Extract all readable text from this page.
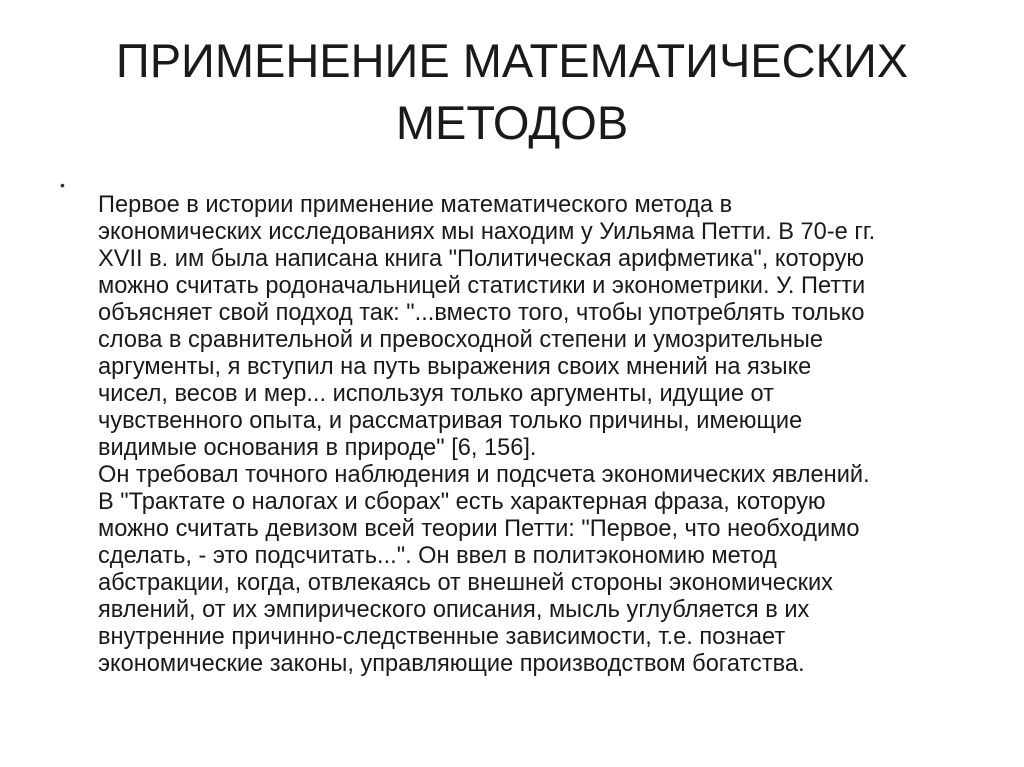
ПРИМЕНЕНИЕ МАТЕМАТИЧЕСКИХ
МЕТОДОВ
•
Первое в истории применение математического метода в
экономических исследованиях мы находим у Уильяма Петти. В 70-е гг.
XVII в. им была написана книга "Политическая арифметика", которую
можно считать родоначальницей статистики и эконометрики. У. Петти
объясняет свой подход так: "...вместо того, чтобы употреблять только
слова в сравнительной и превосходной степени и умозрительные
аргументы, я вступил на путь выражения своих мнений на языке
чисел, весов и мер... используя только аргументы, идущие от
чувственного опыта, и рассматривая только причины, имеющие
видимые основания в природе" [6, 156].
Он требовал точного наблюдения и подсчета экономических явлений.
В "Трактате о налогах и сборах" есть характерная фраза, которую
можно считать девизом всей теории Петти: "Первое, что необходимо
сделать, - это подсчитать...". Он ввел в политэкономию метод
абстракции, когда, отвлекаясь от внешней стороны экономических
явлений, от их эмпирического описания, мысль углубляется в их
внутренние причинно-следственные зависимости, т.е. познает
экономические законы, управляющие производством богатства.
